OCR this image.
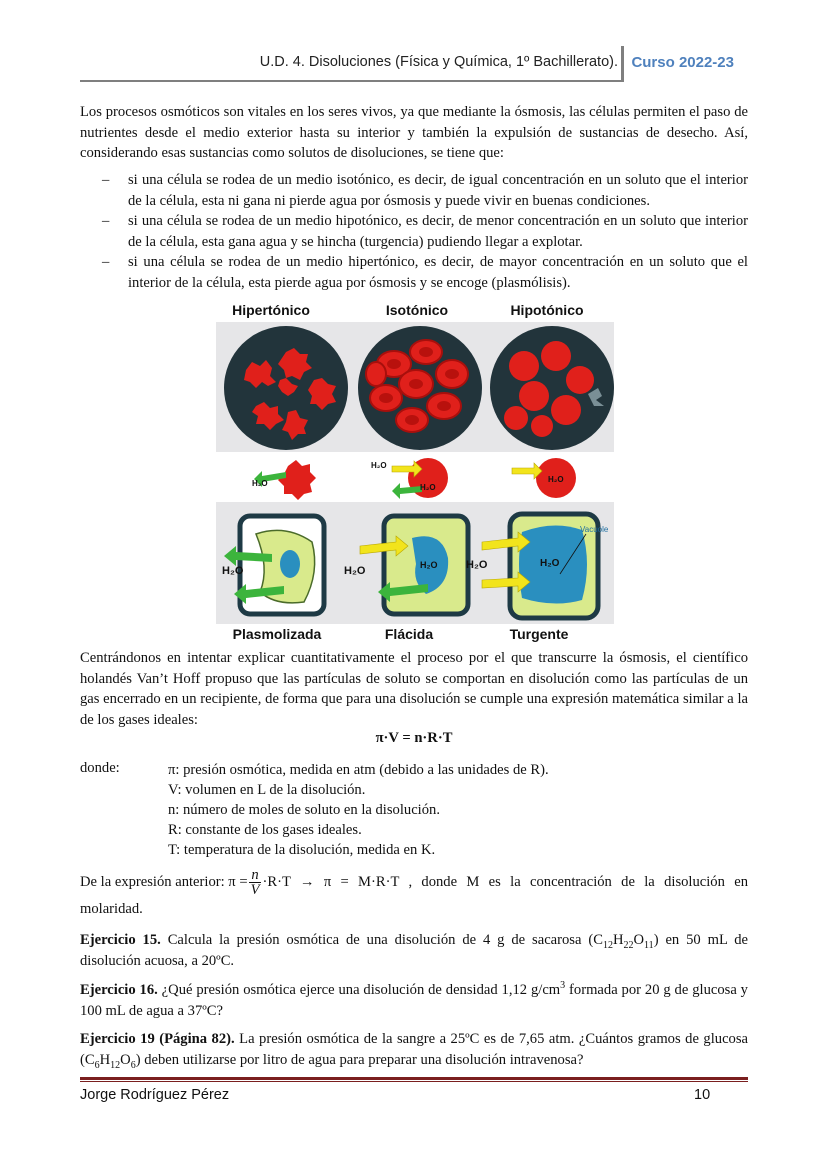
U.D. 4. Disoluciones (Física y Química, 1º Bachillerato). Curso 2022-23

Los procesos osmóticos son vitales en los seres vivos, ya que mediante la ósmosis, las células permiten el paso de nutrientes desde el medio exterior hasta su interior y también la expulsión de sustancias de desecho. Así, considerando esas sustancias como solutos de disoluciones, se tiene que:

– si una célula se rodea de un medio isotónico, es decir, de igual concentración en un soluto que el interior de la célula, esta ni gana ni pierde agua por ósmosis y puede vivir en buenas condiciones.
– si una célula se rodea de un medio hipotónico, es decir, de menor concentración en un soluto que interior de la célula, esta gana agua y se hincha (turgencia) pudiendo llegar a explotar.
– si una célula se rodea de un medio hipertónico, es decir, de mayor concentración en un soluto que el interior de la célula, esta pierde agua por ósmosis y se encoge (plasmólisis).
Hipertónico	Isotónico	Hipotónico
H₂O
H₂O
H₂O
H₂O
H₂O	H₂O	H₂O	H₂O	H₂O
Vacuole
Plasmolizada	Flácida	Turgente

Centrándonos en intentar explicar cuantitativamente el proceso por el que transcurre la ósmosis, el científico holandés Van’t Hoff propuso que las partículas de soluto se comportan en disolución como las partículas de un gas encerrado en un recipiente, de forma que para una disolución se cumple una expresión matemática similar a la de los gases ideales:

π·V = n·R·T
donde:	π: presión osmótica, medida en atm (debido a las unidades de R).
V: volumen en L de la disolución.
n: número de moles de soluto en la disolución.
R: constante de los gases ideales.
T: temperatura de la disolución, medida en K.
De la expresión anterior: $\pi = \frac{n}{V} \cdot R\cdot T \to \pi = M\cdot R\cdot T$ , donde M es la concentración de la disolución en
molaridad.
Ejercicio 15. Calcula la presión osmótica de una disolución de 4 g de sacarosa $(C_{12}H_{22}O_{11})$ en 50 mL de disolución acuosa, a 20ºC.
Ejercicio 16. ¿Qué presión osmótica ejerce una disolución de densidad 1,12 $g/cm^3$ formada por 20 g de glucosa y 100 mL de agua a 37ºC?
Ejercicio 19 (Página 82). La presión osmótica de la sangre a 25ºC es de 7,65 atm. ¿Cuántos gramos de glucosa $(C_6H_{12}O_6)$ deben utilizarse por litro de agua para preparar una disolución intravenosa?
Jorge Rodríguez Pérez	10
